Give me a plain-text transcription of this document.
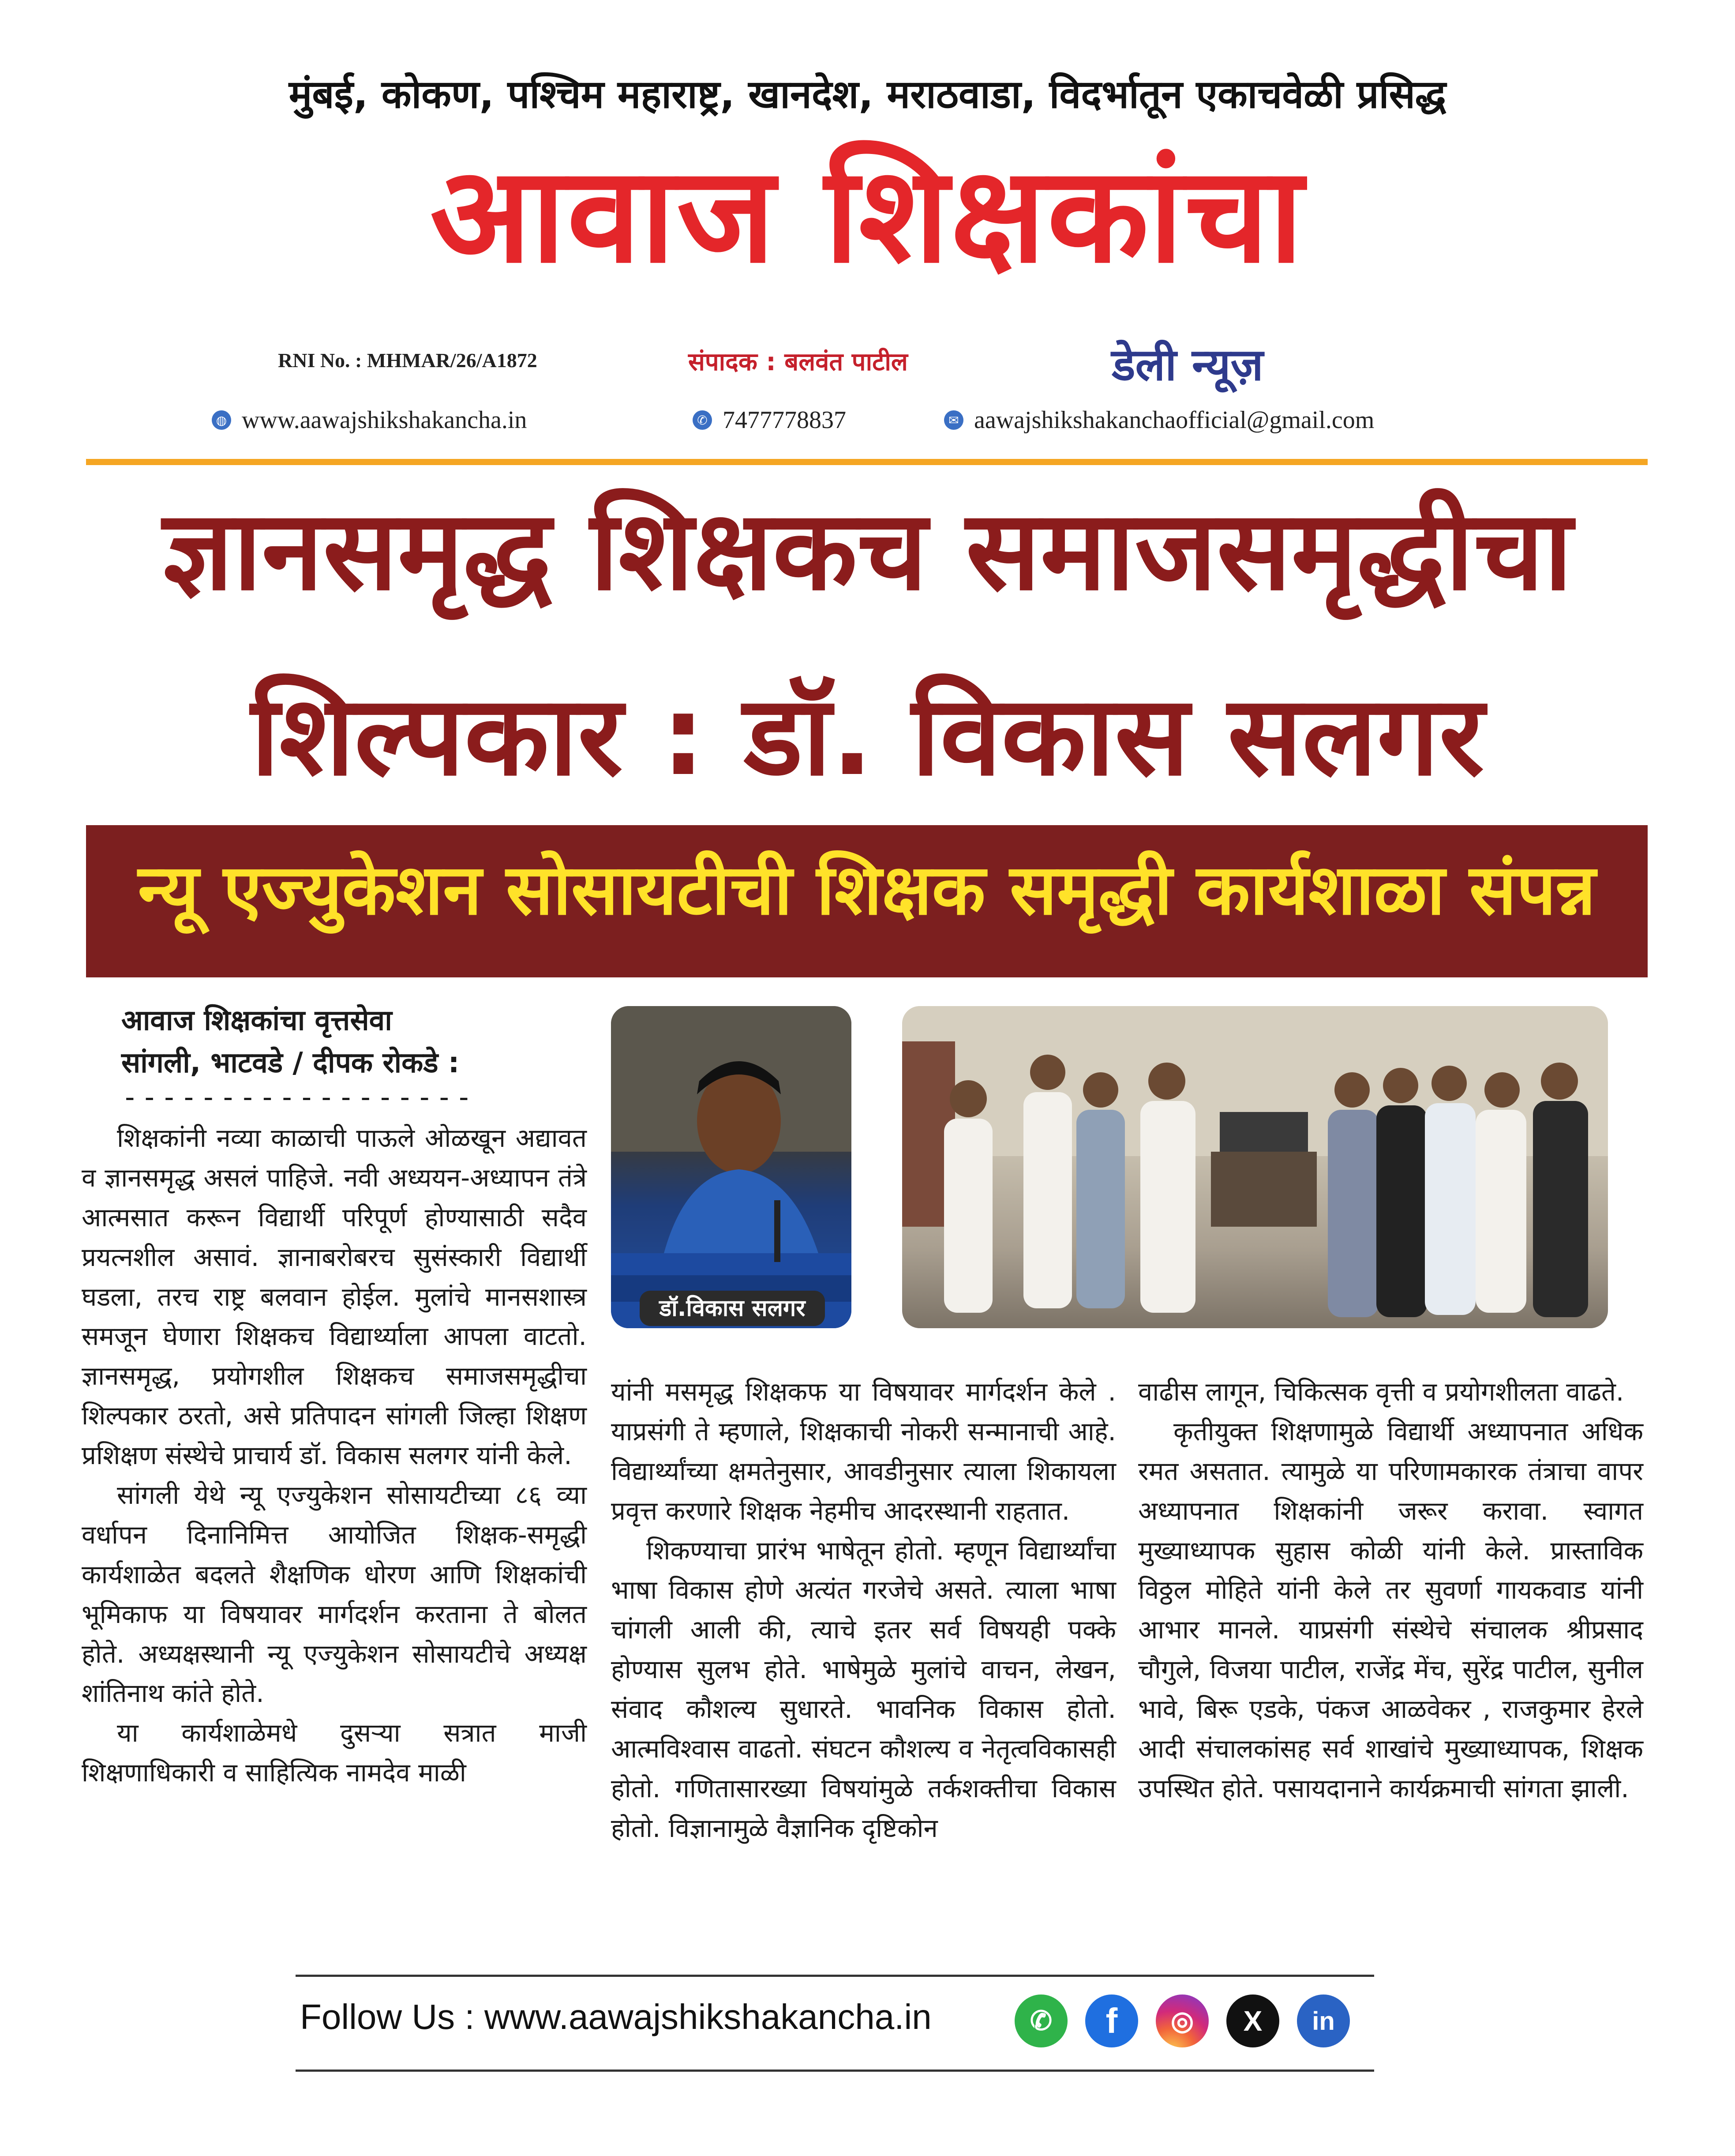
मुंबई, कोकण, पश्चिम महाराष्ट्र, खानदेश, मराठवाडा, विदर्भातून एकाचवेळी प्रसिद्ध
आवाज शिक्षकांचा
RNI No. : MHMAR/26/A1872	संपादक : बलवंत पाटील	डेली न्यूज़
◍ www.aawajshikshakancha.in	✆ 7477778837	✉ aawajshikshakanchaofficial@gmail.com
ज्ञानसमृद्ध शिक्षकच समाजसमृद्धीचा
शिल्पकार : डॉ. विकास सलगर
न्यू एज्युकेशन सोसायटीची शिक्षक समृद्धी कार्यशाळा संपन्न
आवाज शिक्षकांचा वृत्तसेवा
सांगली, भाटवडे / दीपक रोकडे :
------------------
डॉ.विकास सलगर

शिक्षकांनी नव्या काळाची पाऊले ओळखून अद्यावत व ज्ञानसमृद्ध असलं पाहिजे. नवी अध्ययन-अध्यापन तंत्रे आत्मसात करून विद्यार्थी परिपूर्ण होण्यासाठी सदैव प्रयत्नशील असावं. ज्ञानाबरोबरच सुसंस्कारी विद्यार्थी घडला, तरच राष्ट्र बलवान होईल. मुलांचे मानसशास्त्र समजून घेणारा शिक्षकच विद्यार्थ्याला आपला वाटतो. ज्ञानसमृद्ध, प्रयोगशील शिक्षकच समाजसमृद्धीचा शिल्पकार ठरतो, असे प्रतिपादन सांगली जिल्हा शिक्षण प्रशिक्षण संस्थेचे प्राचार्य डॉ. विकास सलगर यांनी केले.

सांगली येथे न्यू एज्युकेशन सोसायटीच्या ८६ व्या वर्धापन दिनानिमित्त आयोजित शिक्षक-समृद्धी कार्यशाळेत बदलते शैक्षणिक धोरण आणि शिक्षकांची भूमिकाफ या विषयावर मार्गदर्शन करताना ते बोलत होते. अध्यक्षस्थानी न्यू एज्युकेशन सोसायटीचे अध्यक्ष शांतिनाथ कांते होते.

या कार्यशाळेमधे दुसऱ्या सत्रात माजी शिक्षणाधिकारी व साहित्यिक नामदेव माळी

यांनी मसमृद्ध शिक्षकफ या विषयावर मार्गदर्शन केले . याप्रसंगी ते म्हणाले, शिक्षकाची नोकरी सन्मानाची आहे. विद्यार्थ्यांच्या क्षमतेनुसार, आवडीनुसार त्याला शिकायला प्रवृत्त करणारे शिक्षक नेहमीच आदरस्थानी राहतात.

शिकण्याचा प्रारंभ भाषेतून होतो. म्हणून विद्यार्थ्यांचा भाषा विकास होणे अत्यंत गरजेचे असते. त्याला भाषा चांगली आली की, त्याचे इतर सर्व विषयही पक्के होण्यास सुलभ होते. भाषेमुळे मुलांचे वाचन, लेखन, संवाद कौशल्य सुधारते. भावनिक विकास होतो. आत्मविश्वास वाढतो. संघटन कौशल्य व नेतृत्वविकासही होतो. गणितासारख्या विषयांमुळे तर्कशक्तीचा विकास होतो. विज्ञानामुळे वैज्ञानिक दृष्टिकोन

वाढीस लागून, चिकित्सक वृत्ती व प्रयोगशीलता वाढते.

कृतीयुक्त शिक्षणामुळे विद्यार्थी अध्यापनात अधिक रमत असतात. त्यामुळे या परिणामकारक तंत्राचा वापर अध्यापनात शिक्षकांनी जरूर करावा. स्वागत मुख्याध्यापक सुहास कोळी यांनी केले. प्रास्ताविक विठ्ठल मोहिते यांनी केले तर सुवर्णा गायकवाड यांनी आभार मानले. याप्रसंगी संस्थेचे संचालक श्रीप्रसाद चौगुले, विजया पाटील, राजेंद्र मेंच, सुरेंद्र पाटील, सुनील भावे, बिरू एडके, पंकज आळवेकर , राजकुमार हेरले आदी संचालकांसह सर्व शाखांचे मुख्याध्यापक, शिक्षक उपस्थित होते. पसायदानाने कार्यक्रमाची सांगता झाली.

Follow Us : www.aawajshikshakancha.in	✆	f	◎	X	in
